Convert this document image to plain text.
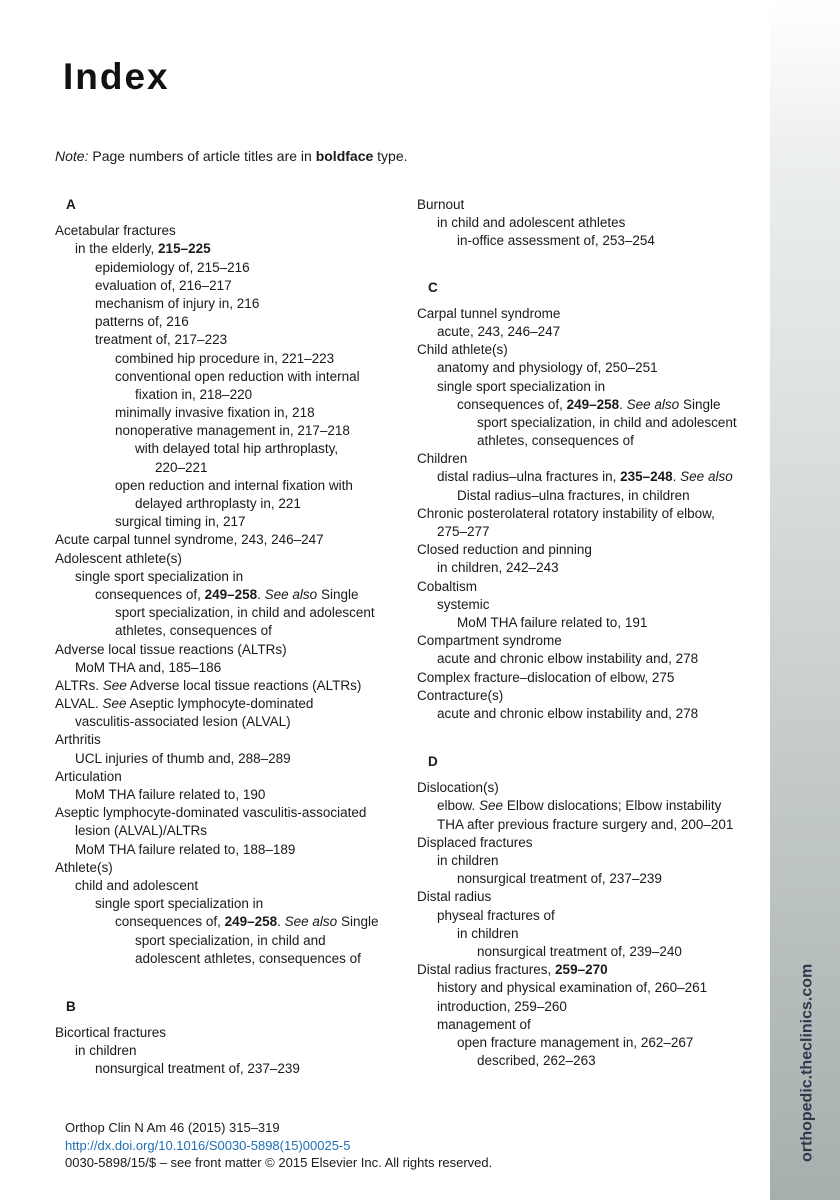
Index
Note: Page numbers of article titles are in boldface type.
A
Acetabular fractures
in the elderly, 215–225
epidemiology of, 215–216
evaluation of, 216–217
mechanism of injury in, 216
patterns of, 216
treatment of, 217–223
combined hip procedure in, 221–223
conventional open reduction with internal
fixation in, 218–220
minimally invasive fixation in, 218
nonoperative management in, 217–218
with delayed total hip arthroplasty,
220–221
open reduction and internal fixation with
delayed arthroplasty in, 221
surgical timing in, 217
Acute carpal tunnel syndrome, 243, 246–247
Adolescent athlete(s)
single sport specialization in
consequences of, 249–258. See also Single
sport specialization, in child and adolescent
athletes, consequences of
Adverse local tissue reactions (ALTRs)
MoM THA and, 185–186
ALTRs. See Adverse local tissue reactions (ALTRs)
ALVAL. See Aseptic lymphocyte-dominated
vasculitis-associated lesion (ALVAL)
Arthritis
UCL injuries of thumb and, 288–289
Articulation
MoM THA failure related to, 190
Aseptic lymphocyte-dominated vasculitis-associated
lesion (ALVAL)/ALTRs
MoM THA failure related to, 188–189
Athlete(s)
child and adolescent
single sport specialization in
consequences of, 249–258. See also Single
sport specialization, in child and
adolescent athletes, consequences of
B
Bicortical fractures
in children
nonsurgical treatment of, 237–239
Burnout
in child and adolescent athletes
in-office assessment of, 253–254
C
Carpal tunnel syndrome
acute, 243, 246–247
Child athlete(s)
anatomy and physiology of, 250–251
single sport specialization in
consequences of, 249–258. See also Single
sport specialization, in child and adolescent
athletes, consequences of
Children
distal radius–ulna fractures in, 235–248. See also
Distal radius–ulna fractures, in children
Chronic posterolateral rotatory instability of elbow,
275–277
Closed reduction and pinning
in children, 242–243
Cobaltism
systemic
MoM THA failure related to, 191
Compartment syndrome
acute and chronic elbow instability and, 278
Complex fracture–dislocation of elbow, 275
Contracture(s)
acute and chronic elbow instability and, 278
D
Dislocation(s)
elbow. See Elbow dislocations; Elbow instability
THA after previous fracture surgery and, 200–201
Displaced fractures
in children
nonsurgical treatment of, 237–239
Distal radius
physeal fractures of
in children
nonsurgical treatment of, 239–240
Distal radius fractures, 259–270
history and physical examination of, 260–261
introduction, 259–260
management of
open fracture management in, 262–267
described, 262–263
Orthop Clin N Am 46 (2015) 315–319
http://dx.doi.org/10.1016/S0030-5898(15)00025-5
0030-5898/15/$ – see front matter © 2015 Elsevier Inc. All rights reserved.
orthopedic.theclinics.com
